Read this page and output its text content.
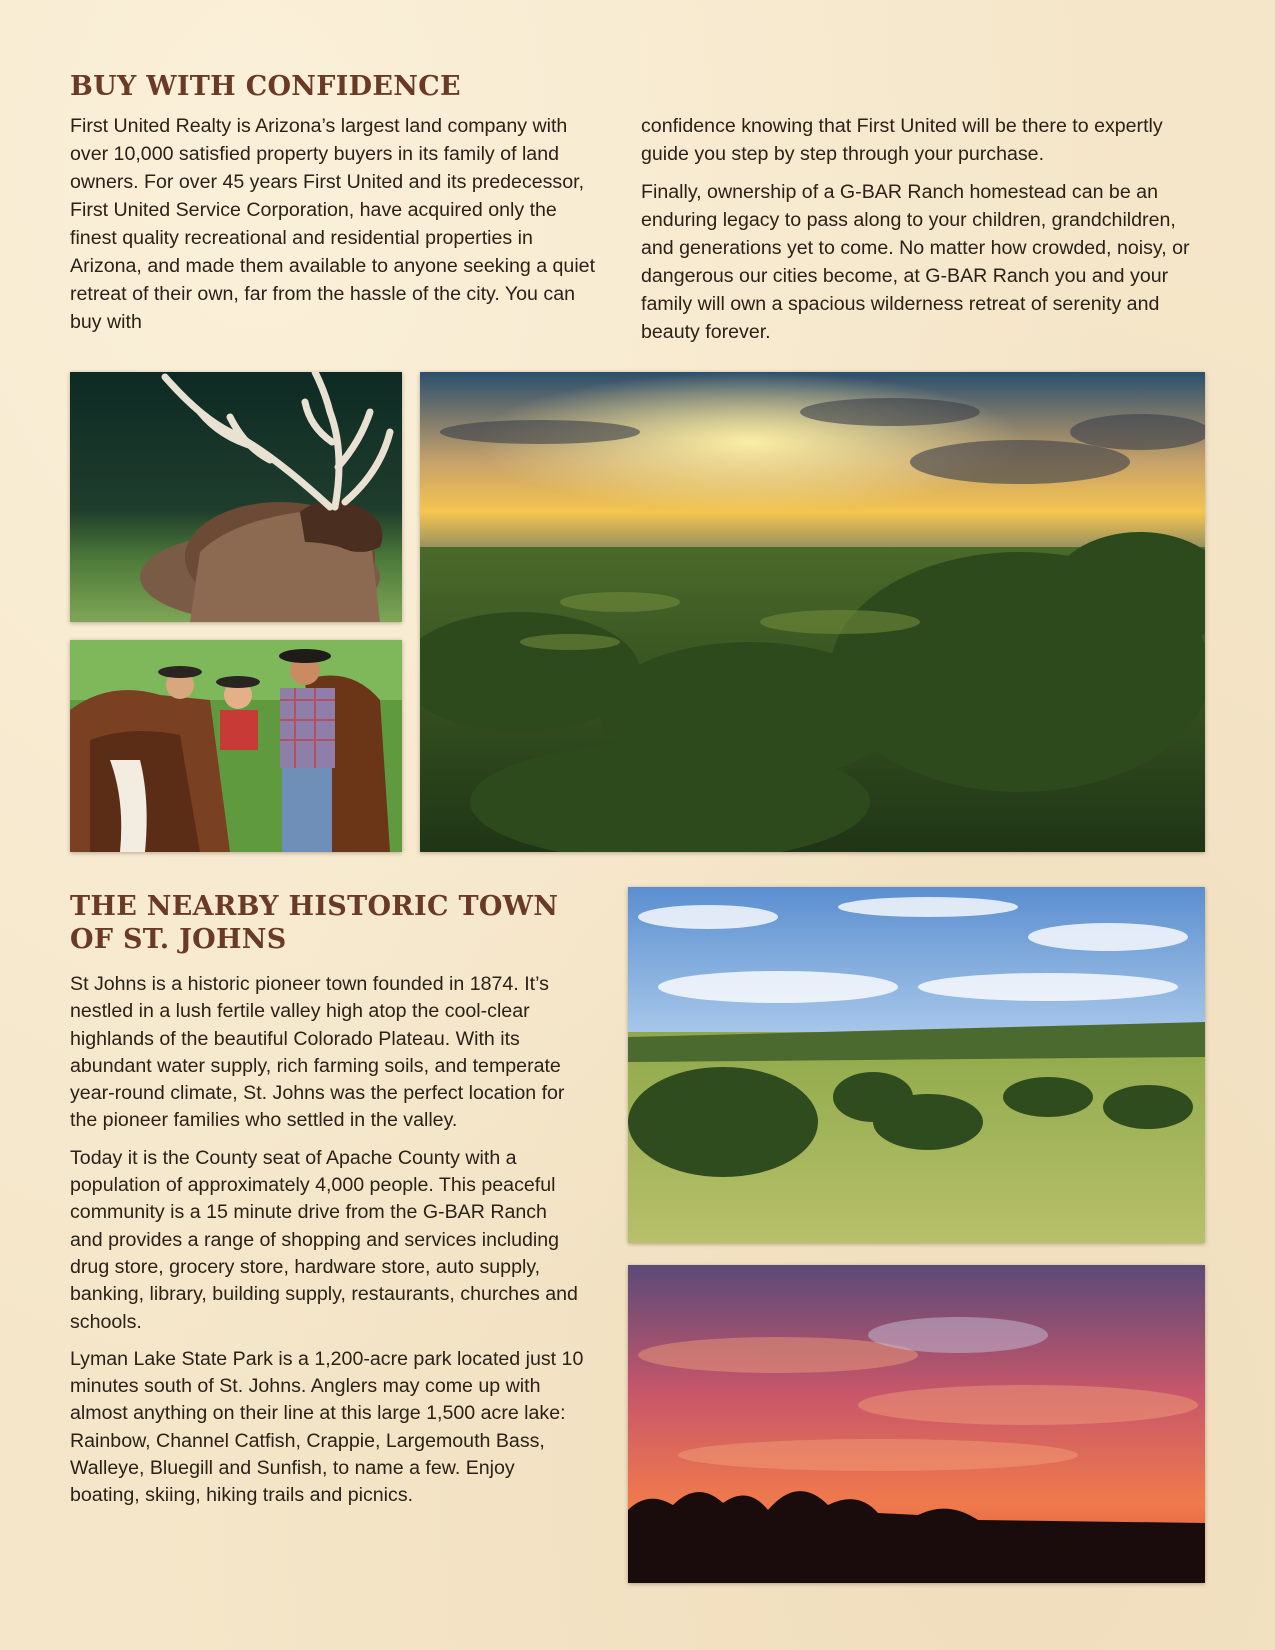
BUY WITH CONFIDENCE

First United Realty is Arizona’s largest land company with over 10,000 satisfied property buyers in its family of land owners. For over 45 years First United and its predecessor, First United Service Corporation, have acquired only the finest quality recreational and residential properties in Arizona, and made them available to anyone seeking a quiet retreat of their own, far from the hassle of the city. You can buy with

confidence knowing that First United will be there to expertly guide you step by step through your purchase.

Finally, ownership of a G-BAR Ranch homestead can be an enduring legacy to pass along to your children, grandchildren, and generations yet to come. No matter how crowded, noisy, or dangerous our cities become, at G-BAR Ranch you and your family will own a spacious wilderness retreat of serenity and beauty forever.

THE NEARBY HISTORIC TOWN
OF ST. JOHNS

St Johns is a historic pioneer town founded in 1874. It’s nestled in a lush fertile valley high atop the cool-clear highlands of the beautiful Colorado Plateau. With its abundant water supply, rich farming soils, and temperate year-round climate, St. Johns was the perfect location for the pioneer families who settled in the valley.

Today it is the County seat of Apache County with a population of approximately 4,000 people. This peaceful community is a 15 minute drive from the G-BAR Ranch and provides a range of shopping and services including drug store, grocery store, hardware store, auto supply, banking, library, building supply, restaurants, churches and schools.

Lyman Lake State Park is a 1,200-acre park located just 10 minutes south of St. Johns. Anglers may come up with almost anything on their line at this large 1,500 acre lake: Rainbow, Channel Catfish, Crappie, Largemouth Bass, Walleye, Bluegill and Sunfish, to name a few. Enjoy boating, skiing, hiking trails and picnics.
